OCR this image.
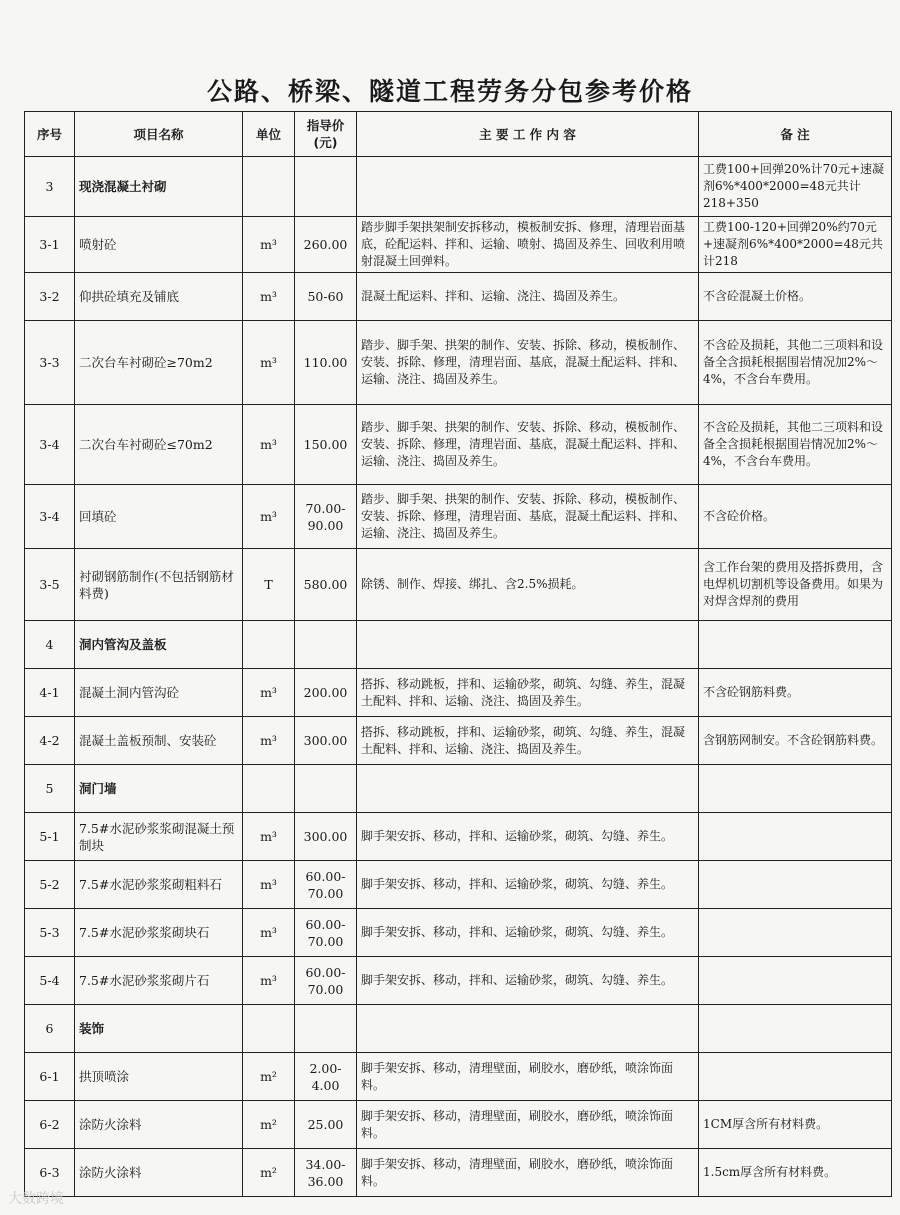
公路、桥梁、隧道工程劳务分包参考价格
序号	项目名称	单位	指导价(元)	主 要 工 作 内 容	备 注
3	现浇混凝土衬砌				工费100+回弹20%计70元+速凝剂6%*400*2000=48元共计218+350
3-1	喷射砼	m³	260.00	踏步脚手架拱架制安拆移动，模板制安拆、修理，清理岩面基底，砼配运料、拌和、运输、喷射、捣固及养生、回收利用喷射混凝土回弹料。	工费100-120+回弹20%约70元+速凝剂6%*400*2000=48元共计218
3-2	仰拱砼填充及铺底	m³	50-60	混凝土配运料、拌和、运输、浇注、捣固及养生。	不含砼混凝土价格。
3-3	二次台车衬砌砼≥70m2	m³	110.00	踏步、脚手架、拱架的制作、安装、拆除、移动，模板制作、安装、拆除、修理，清理岩面、基底，混凝土配运料、拌和、运输、浇注、捣固及养生。	不含砼及损耗，其他二三项料和设备全含损耗根据围岩情况加2%～4%，不含台车费用。
3-4	二次台车衬砌砼≤70m2	m³	150.00	踏步、脚手架、拱架的制作、安装、拆除、移动，模板制作、安装、拆除、修理，清理岩面、基底，混凝土配运料、拌和、运输、浇注、捣固及养生。	不含砼及损耗，其他二三项料和设备全含损耗根据围岩情况加2%～4%，不含台车费用。
3-4	回填砼	m³	70.00-90.00	踏步、脚手架、拱架的制作、安装、拆除、移动，模板制作、安装、拆除、修理，清理岩面、基底，混凝土配运料、拌和、运输、浇注、捣固及养生。	不含砼价格。
3-5	衬砌钢筋制作(不包括钢筋材料费)	T	580.00	除锈、制作、焊接、绑扎、含2.5%损耗。	含工作台架的费用及搭拆费用，含电焊机切割机等设备费用。如果为对焊含焊剂的费用
4	洞内管沟及盖板				
4-1	混凝土洞内管沟砼	m³	200.00	搭拆、移动跳板，拌和、运输砂浆，砌筑、勾缝、养生，混凝土配料、拌和、运输、浇注、捣固及养生。	不含砼钢筋料费。
4-2	混凝土盖板预制、安装砼	m³	300.00	搭拆、移动跳板，拌和、运输砂浆，砌筑、勾缝、养生，混凝土配料、拌和、运输、浇注、捣固及养生。	含钢筋网制安。不含砼钢筋料费。
5	洞门墙				
5-1	7.5#水泥砂浆浆砌混凝土预制块	m³	300.00	脚手架安拆、移动，拌和、运输砂浆，砌筑、勾缝、养生。	
5-2	7.5#水泥砂浆浆砌粗料石	m³	60.00-70.00	脚手架安拆、移动，拌和、运输砂浆，砌筑、勾缝、养生。	
5-3	7.5#水泥砂浆浆砌块石	m³	60.00-70.00	脚手架安拆、移动，拌和、运输砂浆，砌筑、勾缝、养生。	
5-4	7.5#水泥砂浆浆砌片石	m³	60.00-70.00	脚手架安拆、移动，拌和、运输砂浆，砌筑、勾缝、养生。	
6	装饰				
6-1	拱顶喷涂	m²	2.00-4.00	脚手架安拆、移动，清理壁面，刷胶水，磨砂纸，喷涂饰面料。	
6-2	涂防火涂料	m²	25.00	脚手架安拆、移动，清理壁面，刷胶水，磨砂纸，喷涂饰面料。	1CM厚含所有材料费。
6-3	涂防火涂料	m²	34.00-36.00	脚手架安拆、移动，清理壁面，刷胶水，磨砂纸，喷涂饰面料。	1.5cm厚含所有材料费。
大数跨境
